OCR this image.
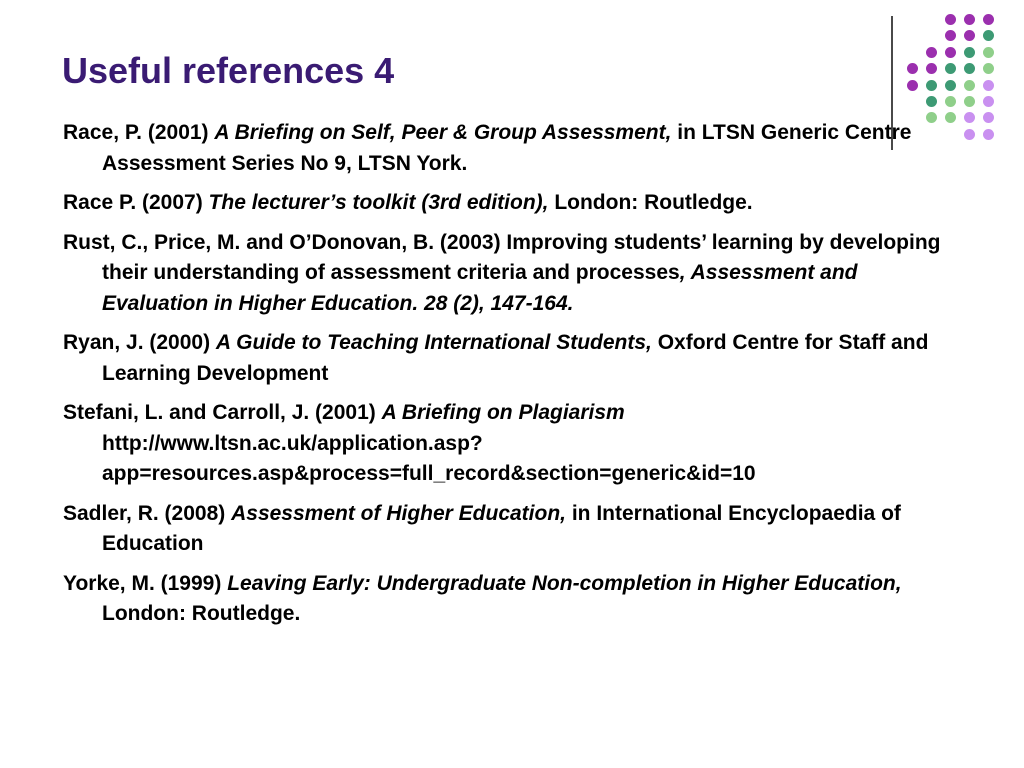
Useful references 4
Race, P. (2001) A Briefing on Self, Peer & Group Assessment, in LTSN Generic Centre Assessment Series No 9, LTSN York.
Race P. (2007) The lecturer’s toolkit (3rd edition), London: Routledge.
Rust, C., Price, M. and O’Donovan, B. (2003) Improving students’ learning by developing their understanding of assessment criteria and processes, Assessment and Evaluation in Higher Education. 28 (2), 147-164.
Ryan, J. (2000) A Guide to Teaching International Students, Oxford Centre for Staff and Learning Development
Stefani, L. and Carroll, J. (2001) A Briefing on Plagiarism http://www.ltsn.ac.uk/application.asp?app=resources.asp&process=full_record&section=generic&id=10
Sadler, R. (2008) Assessment of Higher Education, in International Encyclopaedia of Education
Yorke, M. (1999) Leaving Early: Undergraduate Non-completion in Higher Education, London: Routledge.
